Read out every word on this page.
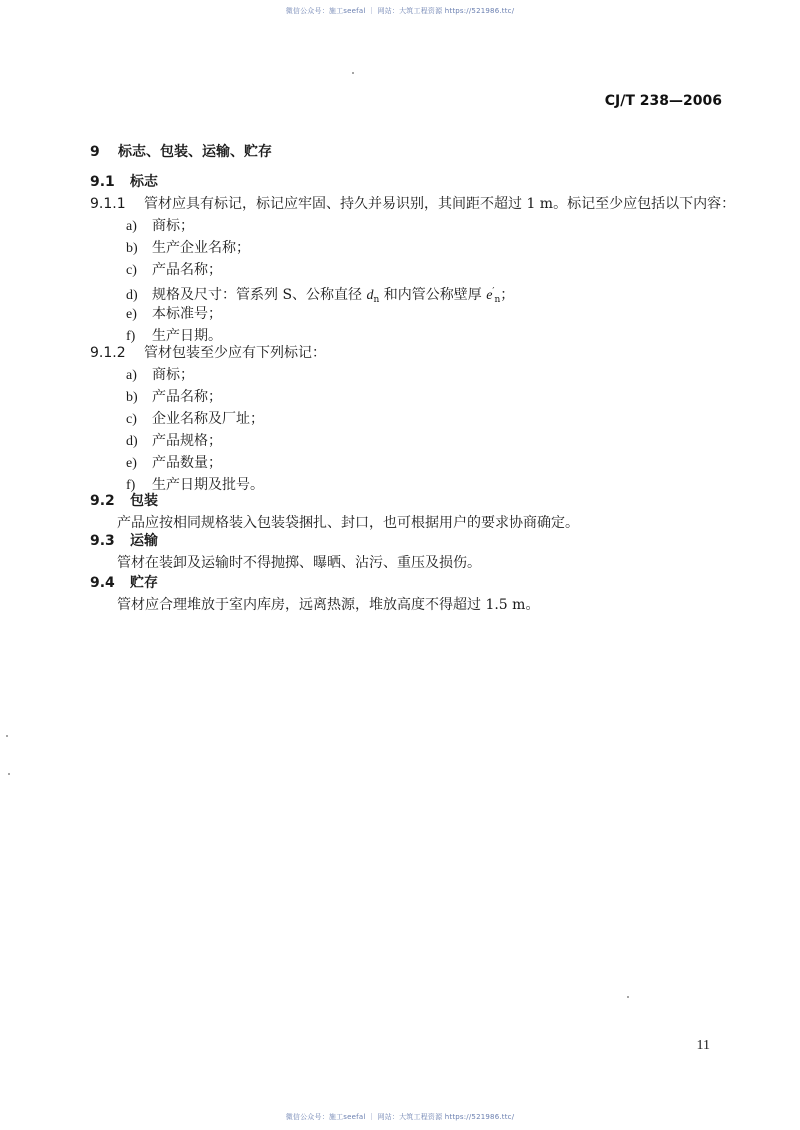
微信公众号：施工seefal ｜ 网站：大筑工程资源 https://521986.ttc/
CJ/T 238—2006
9 标志、包装、运输、贮存
9.1 标志
9.1.1 管材应具有标记，标记应牢固、持久并易识别，其间距不超过 1 m。标记至少应包括以下内容：
a) 商标；
b) 生产企业名称；
c) 产品名称；
d) 规格及尺寸：管系列 S、公称直径 $d_n$ 和内管公称壁厚 $e'_n$；
e) 本标准号；
f) 生产日期。
9.1.2 管材包装至少应有下列标记：
a) 商标；
b) 产品名称；
c) 企业名称及厂址；
d) 产品规格；
e) 产品数量；
f) 生产日期及批号。
9.2 包装
产品应按相同规格装入包装袋捆扎、封口，也可根据用户的要求协商确定。
9.3 运输
管材在装卸及运输时不得抛掷、曝晒、沾污、重压及损伤。
9.4 贮存
管材应合理堆放于室内库房，远离热源，堆放高度不得超过 1.5 m。
11
微信公众号：施工seefal ｜ 网站：大筑工程资源 https://521986.ttc/
